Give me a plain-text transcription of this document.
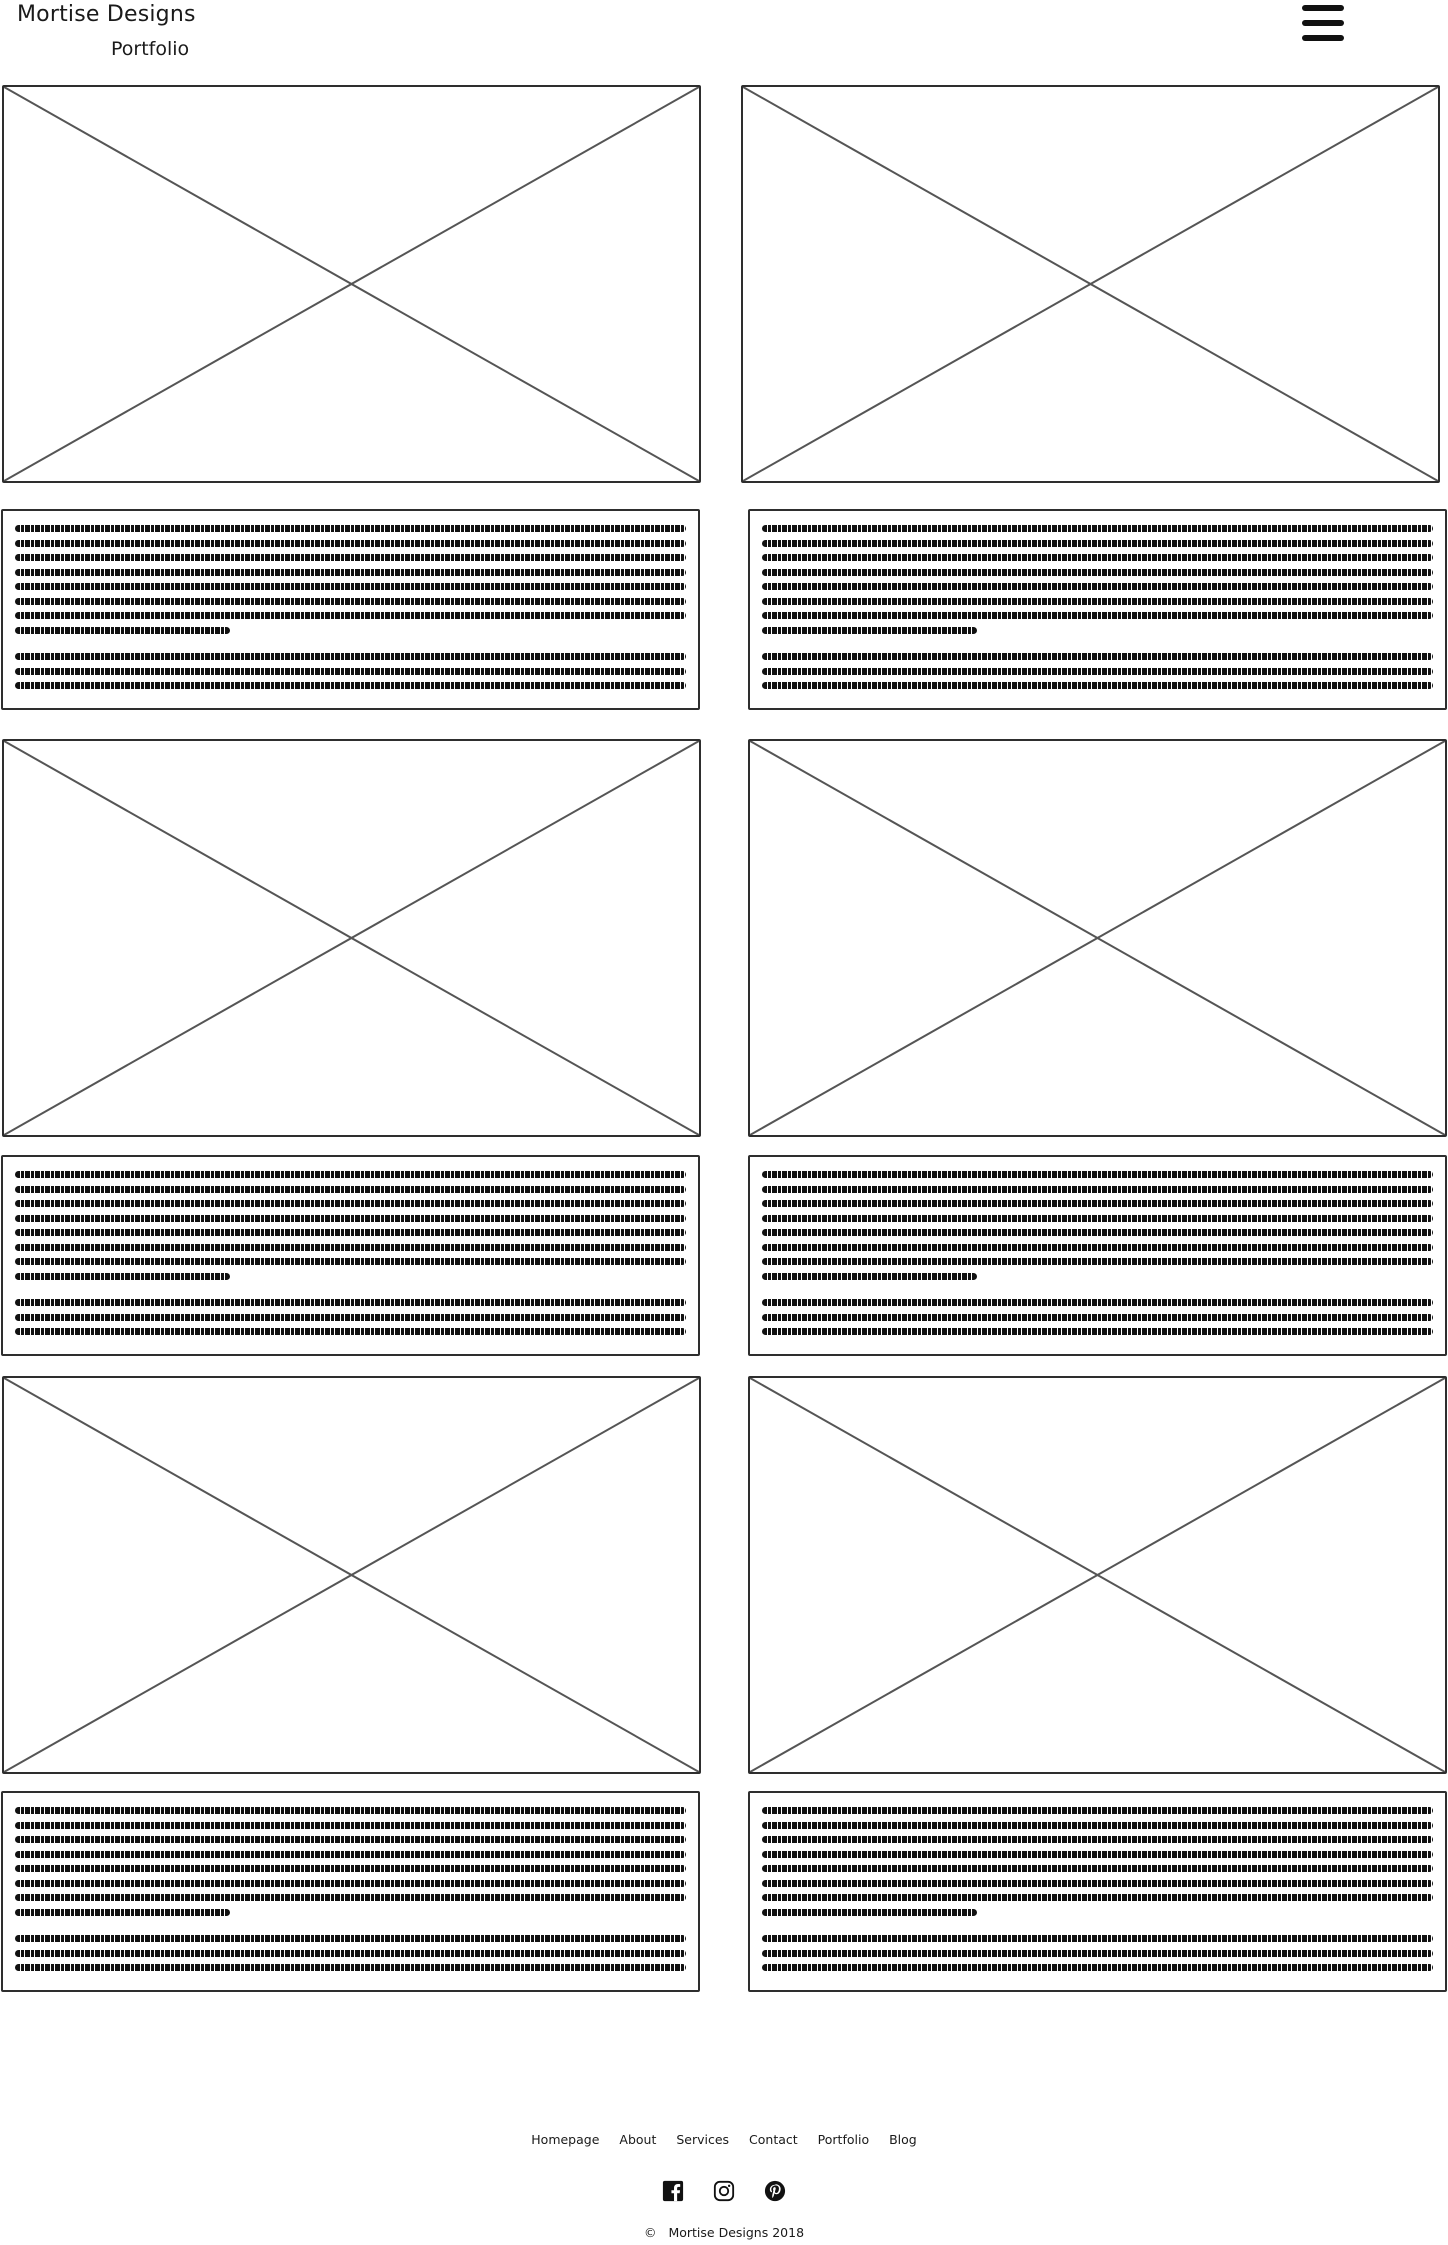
Mortise Designs
Portfolio
Homepage About Services Contact Portfolio Blog

© Mortise Designs 2018
